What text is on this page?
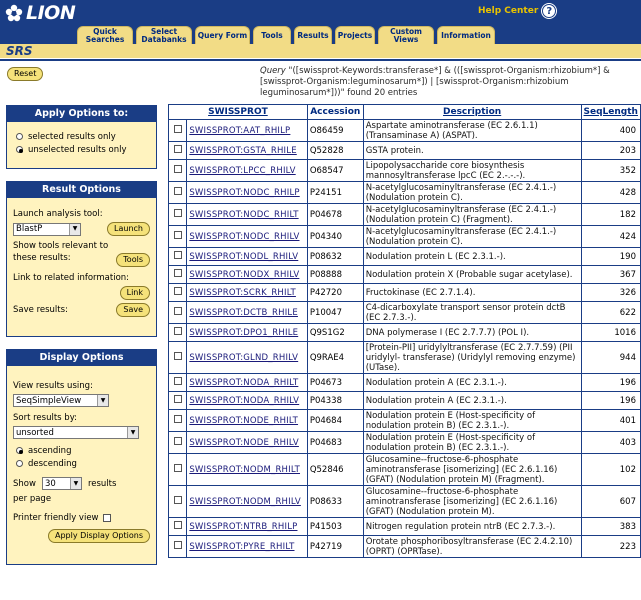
LION	Help Center ?
Quick Searches
Select Databanks	Query Form	Tools	Results	Projects	Custom Views	Information
SRS
Reset	Query "([swissprot-Keywords:transferase*] & (([swissprot-Organism:rhizobium*] & [swissprot-Organism:leguminosarum*]) | [swissprot-Organism:rhizobium leguminosarum*]))" found 20 entries
Apply Options to:
selected results only
unselected results only
Result Options
Launch analysis tool:
BlastP	▼	Launch
Show tools relevant to these results:	Tools
Link to related information:
Link
Save results:	Save
Display Options
View results using:
SeqSimpleView	▼
Sort results by:
unsorted	▼
ascending
descending
Show 30	▼	results
per page
Printer friendly view
Apply Display Options
SWISSPROT		Accession	Description	SeqLength
	SWISSPROT:AAT_RHILP	O86459	Aspartate aminotransferase (EC 2.6.1.1) (Transaminase A) (ASPAT).	400
	SWISSPROT:GSTA_RHILE	Q52828	GSTA protein.	203
	SWISSPROT:LPCC_RHILV	O68547	Lipopolysaccharide core biosynthesis mannosyltransferase lpcC (EC 2.-.-.-).	352
	SWISSPROT:NODC_RHILP	P24151	N-acetylglucosaminyltransferase (EC 2.4.1.-) (Nodulation protein C).	428
	SWISSPROT:NODC_RHILT	P04678	N-acetylglucosaminyltransferase (EC 2.4.1.-) (Nodulation protein C) (Fragment).	182
	SWISSPROT:NODC_RHILV	P04340	N-acetylglucosaminyltransferase (EC 2.4.1.-) (Nodulation protein C).	424
	SWISSPROT:NODL_RHILV	P08632	Nodulation protein L (EC 2.3.1.-).	190
	SWISSPROT:NODX_RHILV	P08888	Nodulation protein X (Probable sugar acetylase).	367
	SWISSPROT:SCRK_RHILT	P42720	Fructokinase (EC 2.7.1.4).	326
	SWISSPROT:DCTB_RHILE	P10047	C4-dicarboxylate transport sensor protein dctB (EC 2.7.3.-).	622
	SWISSPROT:DPO1_RHILE	Q9S1G2	DNA polymerase I (EC 2.7.7.7) (POL I).	1016
	SWISSPROT:GLND_RHILV	Q9RAE4	[Protein-PII] uridylyltransferase (EC 2.7.7.59) (PII uridylyl- transferase) (Uridylyl removing enzyme) (UTase).	944
	SWISSPROT:NODA_RHILT	P04673	Nodulation protein A (EC 2.3.1.-).	196
	SWISSPROT:NODA_RHILV	P04338	Nodulation protein A (EC 2.3.1.-).	196
	SWISSPROT:NODE_RHILT	P04684	Nodulation protein E (Host-specificity of nodulation protein B) (EC 2.3.1.-).	401
	SWISSPROT:NODE_RHILV	P04683	Nodulation protein E (Host-specificity of nodulation protein B) (EC 2.3.1.-).	403
	SWISSPROT:NODM_RHILT	Q52846	Glucosamine--fructose-6-phosphate aminotransferase [isomerizing] (EC 2.6.1.16) (GFAT) (Nodulation protein M) (Fragment).	102
	SWISSPROT:NODM_RHILV	P08633	Glucosamine--fructose-6-phosphate aminotransferase [isomerizing] (EC 2.6.1.16) (GFAT) (Nodulation protein M).	607
	SWISSPROT:NTRB_RHILP	P41503	Nitrogen regulation protein ntrB (EC 2.7.3.-).	383
	SWISSPROT:PYRE_RHILT	P42719	Orotate phosphoribosyltransferase (EC 2.4.2.10) (OPRT) (OPRTase).	223
